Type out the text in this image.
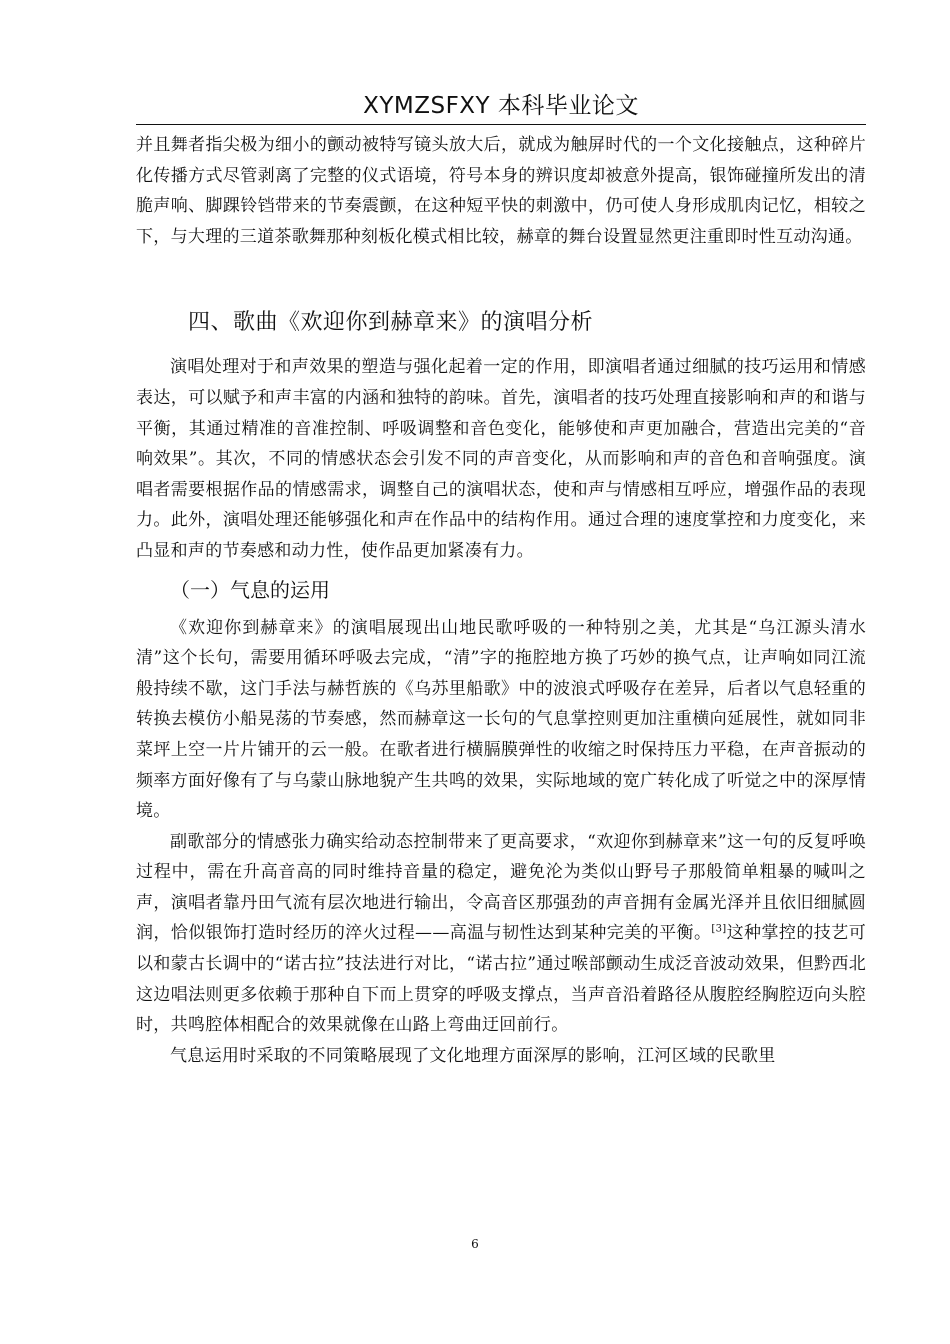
XYMZSFXY 本科毕业论文

并且舞者指尖极为细小的颤动被特写镜头放大后，就成为触屏时代的一个文化接触点，这种碎片化传播方式尽管剥离了完整的仪式语境，符号本身的辨识度却被意外提高，银饰碰撞所发出的清脆声响、脚踝铃铛带来的节奏震颤，在这种短平快的刺激中，仍可使人身形成肌肉记忆，相较之下，与大理的三道茶歌舞那种刻板化模式相比较，赫章的舞台设置显然更注重即时性互动沟通。

四、歌曲《欢迎你到赫章来》的演唱分析

演唱处理对于和声效果的塑造与强化起着一定的作用，即演唱者通过细腻的技巧运用和情感表达，可以赋予和声丰富的内涵和独特的韵味。首先，演唱者的技巧处理直接影响和声的和谐与平衡，其通过精准的音准控制、呼吸调整和音色变化，能够使和声更加融合，营造出完美的“音响效果”。其次，不同的情感状态会引发不同的声音变化，从而影响和声的音色和音响强度。演唱者需要根据作品的情感需求，调整自己的演唱状态，使和声与情感相互呼应，增强作品的表现力。此外，演唱处理还能够强化和声在作品中的结构作用。通过合理的速度掌控和力度变化，来凸显和声的节奏感和动力性，使作品更加紧凑有力。

（一）气息的运用

《欢迎你到赫章来》的演唱展现出山地民歌呼吸的一种特别之美，尤其是“乌江源头清水清”这个长句，需要用循环呼吸去完成，“清”字的拖腔地方换了巧妙的换气点，让声响如同江流般持续不歇，这门手法与赫哲族的《乌苏里船歌》中的波浪式呼吸存在差异，后者以气息轻重的转换去模仿小船晃荡的节奏感，然而赫章这一长句的气息掌控则更加注重横向延展性，就如同非菜坪上空一片片铺开的云一般。在歌者进行横膈膜弹性的收缩之时保持压力平稳，在声音振动的频率方面好像有了与乌蒙山脉地貌产生共鸣的效果，实际地域的宽广转化成了听觉之中的深厚情境。

副歌部分的情感张力确实给动态控制带来了更高要求，“欢迎你到赫章来”这一句的反复呼唤过程中，需在升高音高的同时维持音量的稳定，避免沦为类似山野号子那般简单粗暴的喊叫之声，演唱者靠丹田气流有层次地进行输出，令高音区那强劲的声音拥有金属光泽并且依旧细腻圆润，恰似银饰打造时经历的淬火过程——高温与韧性达到某种完美的平衡。[3]这种掌控的技艺可以和蒙古长调中的“诺古拉”技法进行对比，“诺古拉”通过喉部颤动生成泛音波动效果，但黔西北这边唱法则更多依赖于那种自下而上贯穿的呼吸支撑点，当声音沿着路径从腹腔经胸腔迈向头腔时，共鸣腔体相配合的效果就像在山路上弯曲迂回前行。

气息运用时采取的不同策略展现了文化地理方面深厚的影响，江河区域的民歌里

6
